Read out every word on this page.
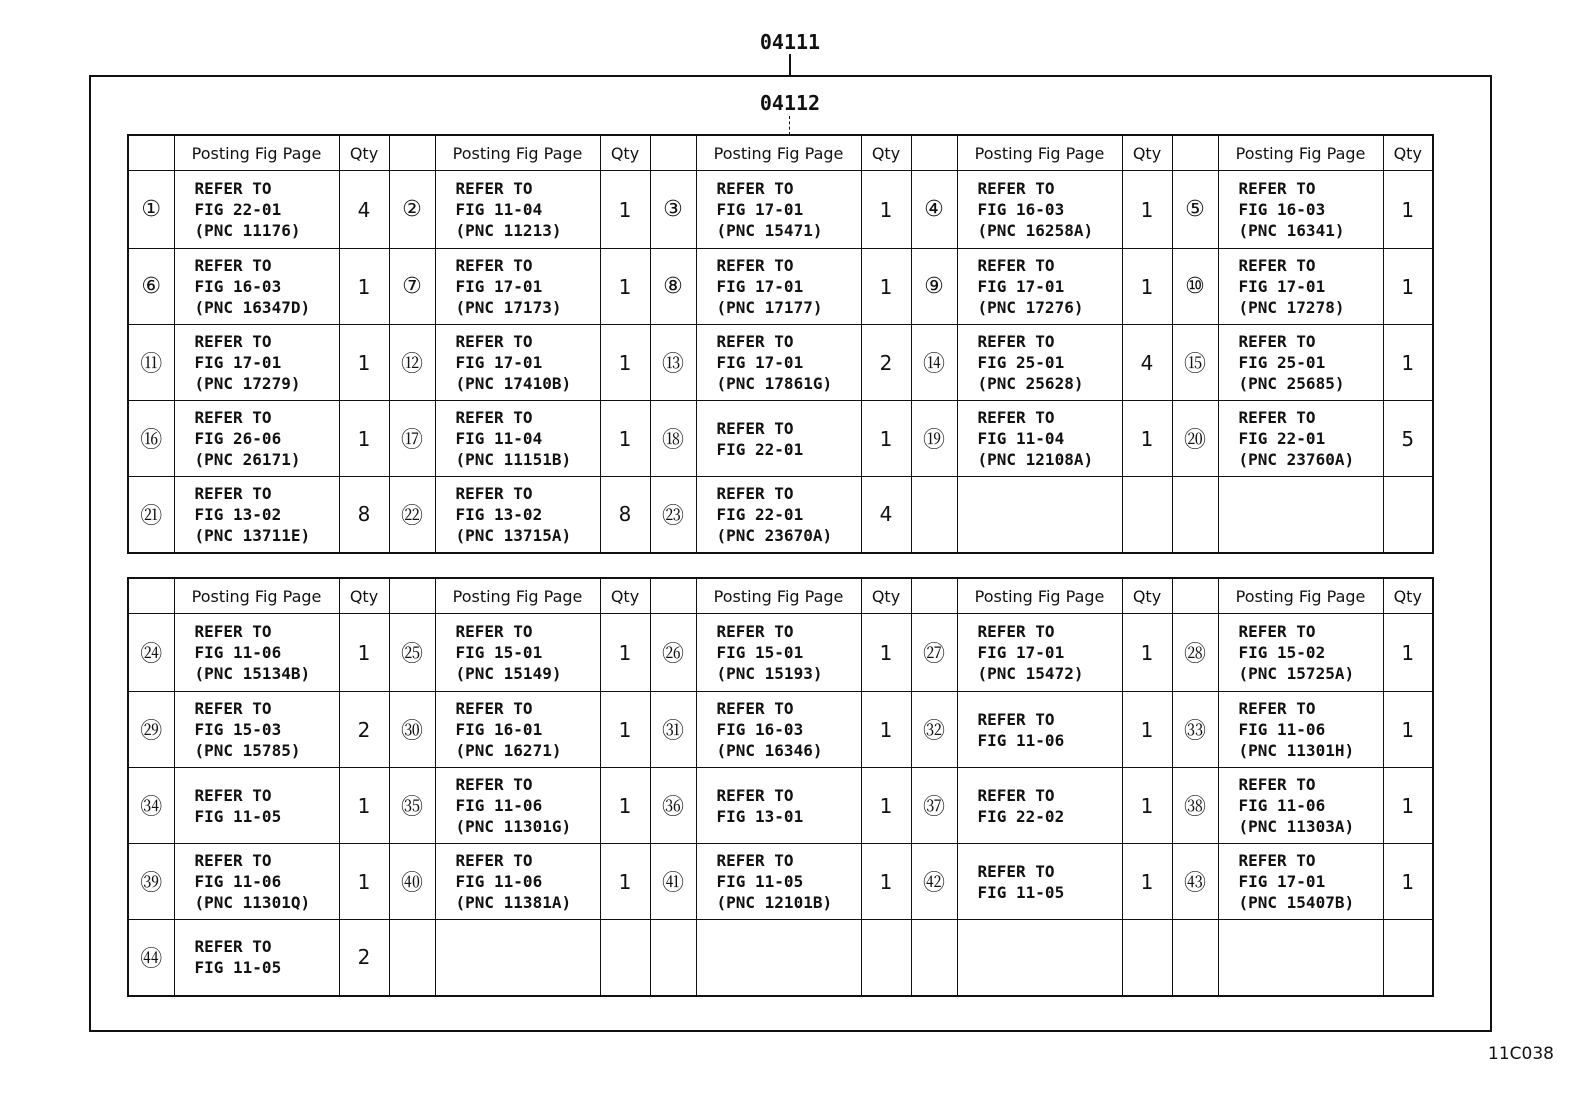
04111
04112
	Posting Fig Page	Qty		Posting Fig Page	Qty		Posting Fig Page	Qty		Posting Fig Page	Qty		Posting Fig Page	Qty
①	REFER TO
FIG 22-01
(PNC 11176)	4	②	REFER TO
FIG 11-04
(PNC 11213)	1	③	REFER TO
FIG 17-01
(PNC 15471)	1	④	REFER TO
FIG 16-03
(PNC 16258A)	1	⑤	REFER TO
FIG 16-03
(PNC 16341)	1
⑥	REFER TO
FIG 16-03
(PNC 16347D)	1	⑦	REFER TO
FIG 17-01
(PNC 17173)	1	⑧	REFER TO
FIG 17-01
(PNC 17177)	1	⑨	REFER TO
FIG 17-01
(PNC 17276)	1	⑩	REFER TO
FIG 17-01
(PNC 17278)	1
⑪	REFER TO
FIG 17-01
(PNC 17279)	1	⑫	REFER TO
FIG 17-01
(PNC 17410B)	1	⑬	REFER TO
FIG 17-01
(PNC 17861G)	2	⑭	REFER TO
FIG 25-01
(PNC 25628)	4	⑮	REFER TO
FIG 25-01
(PNC 25685)	1
⑯	REFER TO
FIG 26-06
(PNC 26171)	1	⑰	REFER TO
FIG 11-04
(PNC 11151B)	1	⑱	REFER TO
FIG 22-01	1	⑲	REFER TO
FIG 11-04
(PNC 12108A)	1	⑳	REFER TO
FIG 22-01
(PNC 23760A)	5
㉑	REFER TO
FIG 13-02
(PNC 13711E)	8	㉒	REFER TO
FIG 13-02
(PNC 13715A)	8	㉓	REFER TO
FIG 22-01
(PNC 23670A)	4						
	Posting Fig Page	Qty		Posting Fig Page	Qty		Posting Fig Page	Qty		Posting Fig Page	Qty		Posting Fig Page	Qty
㉔	REFER TO
FIG 11-06
(PNC 15134B)	1	㉕	REFER TO
FIG 15-01
(PNC 15149)	1	㉖	REFER TO
FIG 15-01
(PNC 15193)	1	㉗	REFER TO
FIG 17-01
(PNC 15472)	1	㉘	REFER TO
FIG 15-02
(PNC 15725A)	1
㉙	REFER TO
FIG 15-03
(PNC 15785)	2	㉚	REFER TO
FIG 16-01
(PNC 16271)	1	㉛	REFER TO
FIG 16-03
(PNC 16346)	1	㉜	REFER TO
FIG 11-06	1	㉝	REFER TO
FIG 11-06
(PNC 11301H)	1
㉞	REFER TO
FIG 11-05	1	㉟	REFER TO
FIG 11-06
(PNC 11301G)	1	㊱	REFER TO
FIG 13-01	1	㊲	REFER TO
FIG 22-02	1	㊳	REFER TO
FIG 11-06
(PNC 11303A)	1
㊴	REFER TO
FIG 11-06
(PNC 11301Q)	1	㊵	REFER TO
FIG 11-06
(PNC 11381A)	1	㊶	REFER TO
FIG 11-05
(PNC 12101B)	1	㊷	REFER TO
FIG 11-05	1	㊸	REFER TO
FIG 17-01
(PNC 15407B)	1
㊹	REFER TO
FIG 11-05	2												
11C038
